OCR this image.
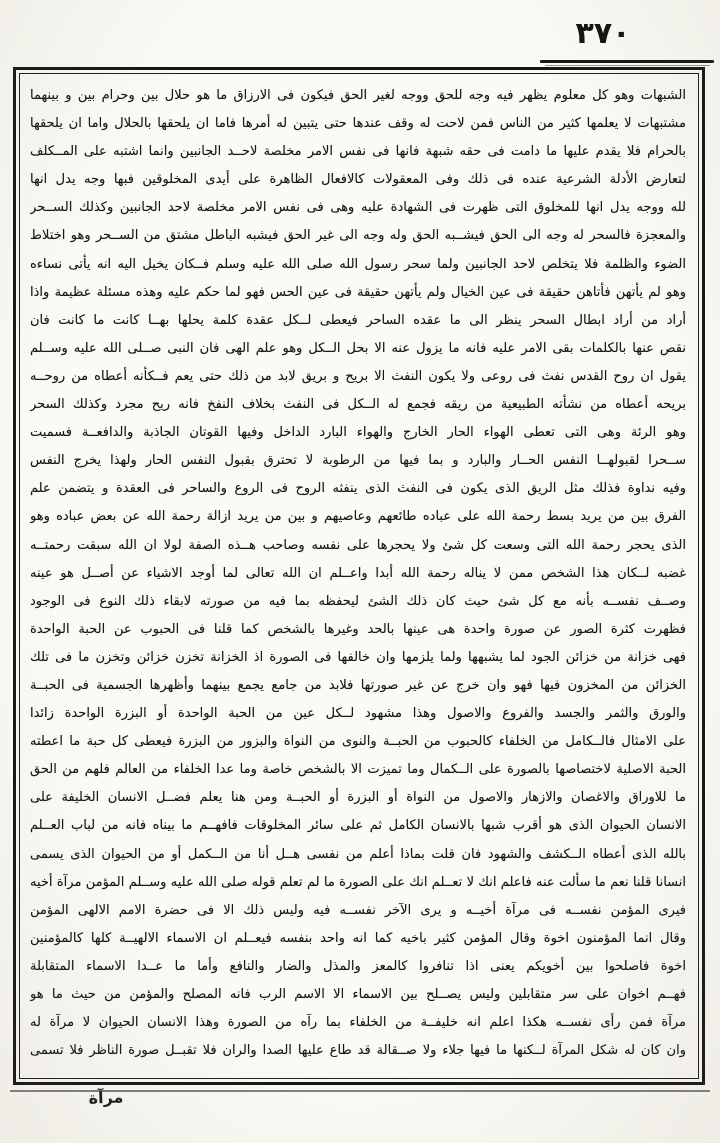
٣٧٠
الشبهات وهو كل معلوم يظهر فيه وجه للحق ووجه لغير الحق فيكون فى الارزاق ما هو حلال بين وحرام بين و بينهما
مشتبهات لا يعلمها كثير من الناس فمن لاحت له وقف عندها حتى يتبين له أمرها فاما ان يلحقها بالحلال واما ان يلحقها
بالحرام فلا يقدم عليها ما دامت فى حقه شبهة فانها فى نفس الامر مخلصة لاحــد الجانبين وانما اشتبه على المــكلف
لتعارض الأدلة الشرعية عنده فى ذلك وفى المعقولات كالافعال الظاهرة على أيدى المخلوقين فبها وجه يدل انها
لله ووجه يدل انها للمخلوق التى ظهرت فى الشهادة عليه وهى فى نفس الامر مخلصة لاحد الجانبين وكذلك الســحر
والمعجزة فالسحر له وجه الى الحق فيشــبه الحق وله وجه الى غير الحق فيشبه الباطل مشتق من الســحر وهو اختلاط
الضوء والظلمة فلا يتخلص لاحد الجانبين ولما سحر رسول الله صلى الله عليه وسلم فــكان يخيل اليه انه يأتى نساءه
وهو لم يأتهن فأتاهن حقيقة فى عين الخيال ولم يأتهن حقيقة فى عين الحس فهو لما حكم عليه وهذه مسئلة عظيمة واذا
أراد من أراد ابطال السحر ينظر الى ما عقده الساحر فيعطى لــكل عقدة كلمة يحلها بهــا كانت ما كانت فان
نقص عنها بالكلمات بقى الامر عليه فانه ما يزول عنه الا بحل الــكل وهو علم الهى فان النبى صــلى الله عليه وســلم
يقول ان روح القدس نفث فى روعى ولا يكون النفث الا بريح و بريق لابد من ذلك حتى يعم فــكأنه أعطاه من روحــه
بريحه أعطاه من نشأته الطبيعية من ريقه فجمع له الــكل فى النفث بخلاف النفخ فانه ريح مجرد وكذلك السحر
وهو الرئة وهى التى تعطى الهواء الحار الخارج والهواء البارد الداخل وفيها القوتان الجاذبة والدافعــة فسميت
ســحرا لقبولهــا النفس الحــار والبارد و بما فيها من الرطوبة لا تحترق بقبول النفس الحار ولهذا يخرج النفس
وفيه نداوة فذلك مثل الريق الذى يكون فى النفث الذى ينفثه الروح فى الروع والساحر فى العقدة و يتضمن علم
الفرق بين من يريد بسط رحمة الله على عباده طائعهم وعاصيهم و بين من يريد ازالة رحمة الله عن بعض عباده وهو
الذى يحجر رحمة الله التى وسعت كل شئ ولا يحجرها على نفسه وصاحب هــذه الصفة لولا ان الله سبقت رحمتــه
غضبه لــكان هذا الشخص ممن لا يناله رحمة الله أبدا واعــلم ان الله تعالى لما أوجد الاشياء عن أصــل هو عينه
وصــف نفســه بأنه مع كل شئ حيث كان ذلك الشئ ليحفظه بما فيه من صورته لابقاء ذلك النوع فى الوجود
فظهرت كثرة الصور عن صورة واحدة هى عينها بالحد وغيرها بالشخص كما قلنا فى الحبوب عن الحبة الواحدة
فهى خزانة من خزائن الجود لما يشبهها ولما يلزمها وان خالفها فى الصورة اذ الخزانة تخزن خزائن وتخزن ما فى تلك
الخزائن من المخزون فيها فهو وان خرج عن غير صورتها فلابد من جامع يجمع بينهما وأظهرها الجسمية فى الحبــة
والورق والثمر والجسد والفروع والاصول وهذا مشهود لــكل عين من الحبة الواحدة أو البزرة الواحدة زائدا
على الامثال فالــكامل من الخلفاء كالحبوب من الحبــة والنوى من النواة والبزور من البزرة فيعطى كل حبة ما اعطته
الحبة الاصلية لاختصاصها بالصورة على الــكمال وما تميزت الا بالشخص خاصة وما عدا الخلفاء من العالم فلهم من الحق
ما للاوراق والاغصان والازهار والاصول من النواة أو البزرة أو الحبــة ومن هنا يعلم فضــل الانسان الخليفة على
الانسان الحيوان الذى هو أقرب شبها بالانسان الكامل ثم على سائر المخلوقات فافهــم ما بيناه فانه من لباب العــلم
بالله الذى أعطاه الــكشف والشهود فان قلت بماذا أعلم من نفسى هــل أنا من الــكمل أو من الحيوان الذى يسمى
انسانا قلنا نعم ما سألت عنه فاعلم انك لا تعــلم انك على الصورة ما لم تعلم قوله صلى الله عليه وســلم المؤمن مرآة أخيه
فيرى المؤمن نفســه فى مرآة أخيــه و يرى الآخر نفســه فيه وليس ذلك الا فى حضرة الامم الالهى المؤمن
وقال انما المؤمنون اخوة وقال المؤمن كثير باخيه كما انه واحد بنفسه فيعــلم ان الاسماء الالهيــة كلها كالمؤمنين
اخوة فاصلحوا بين أخويكم يعنى اذا تنافروا كالمعز والمذل والضار والنافع وأما ما عــدا الاسماء المتقابلة
فهــم اخوان على سر متقابلين وليس يصــلح بين الاسماء الا الاسم الرب فانه المصلح والمؤمن من حيث ما هو
مرآة فمن رأى نفســه هكذا اعلم انه خليفــة من الخلفاء بما رآه من الصورة وهذا الانسان الحيوان لا مرآة له
وان كان له شكل المرآة لــكنها ما فيها جلاء ولا صــقالة قد طاع عليها الصدا والران فلا تقبــل صورة الناظر فلا تسمى
مرآة
